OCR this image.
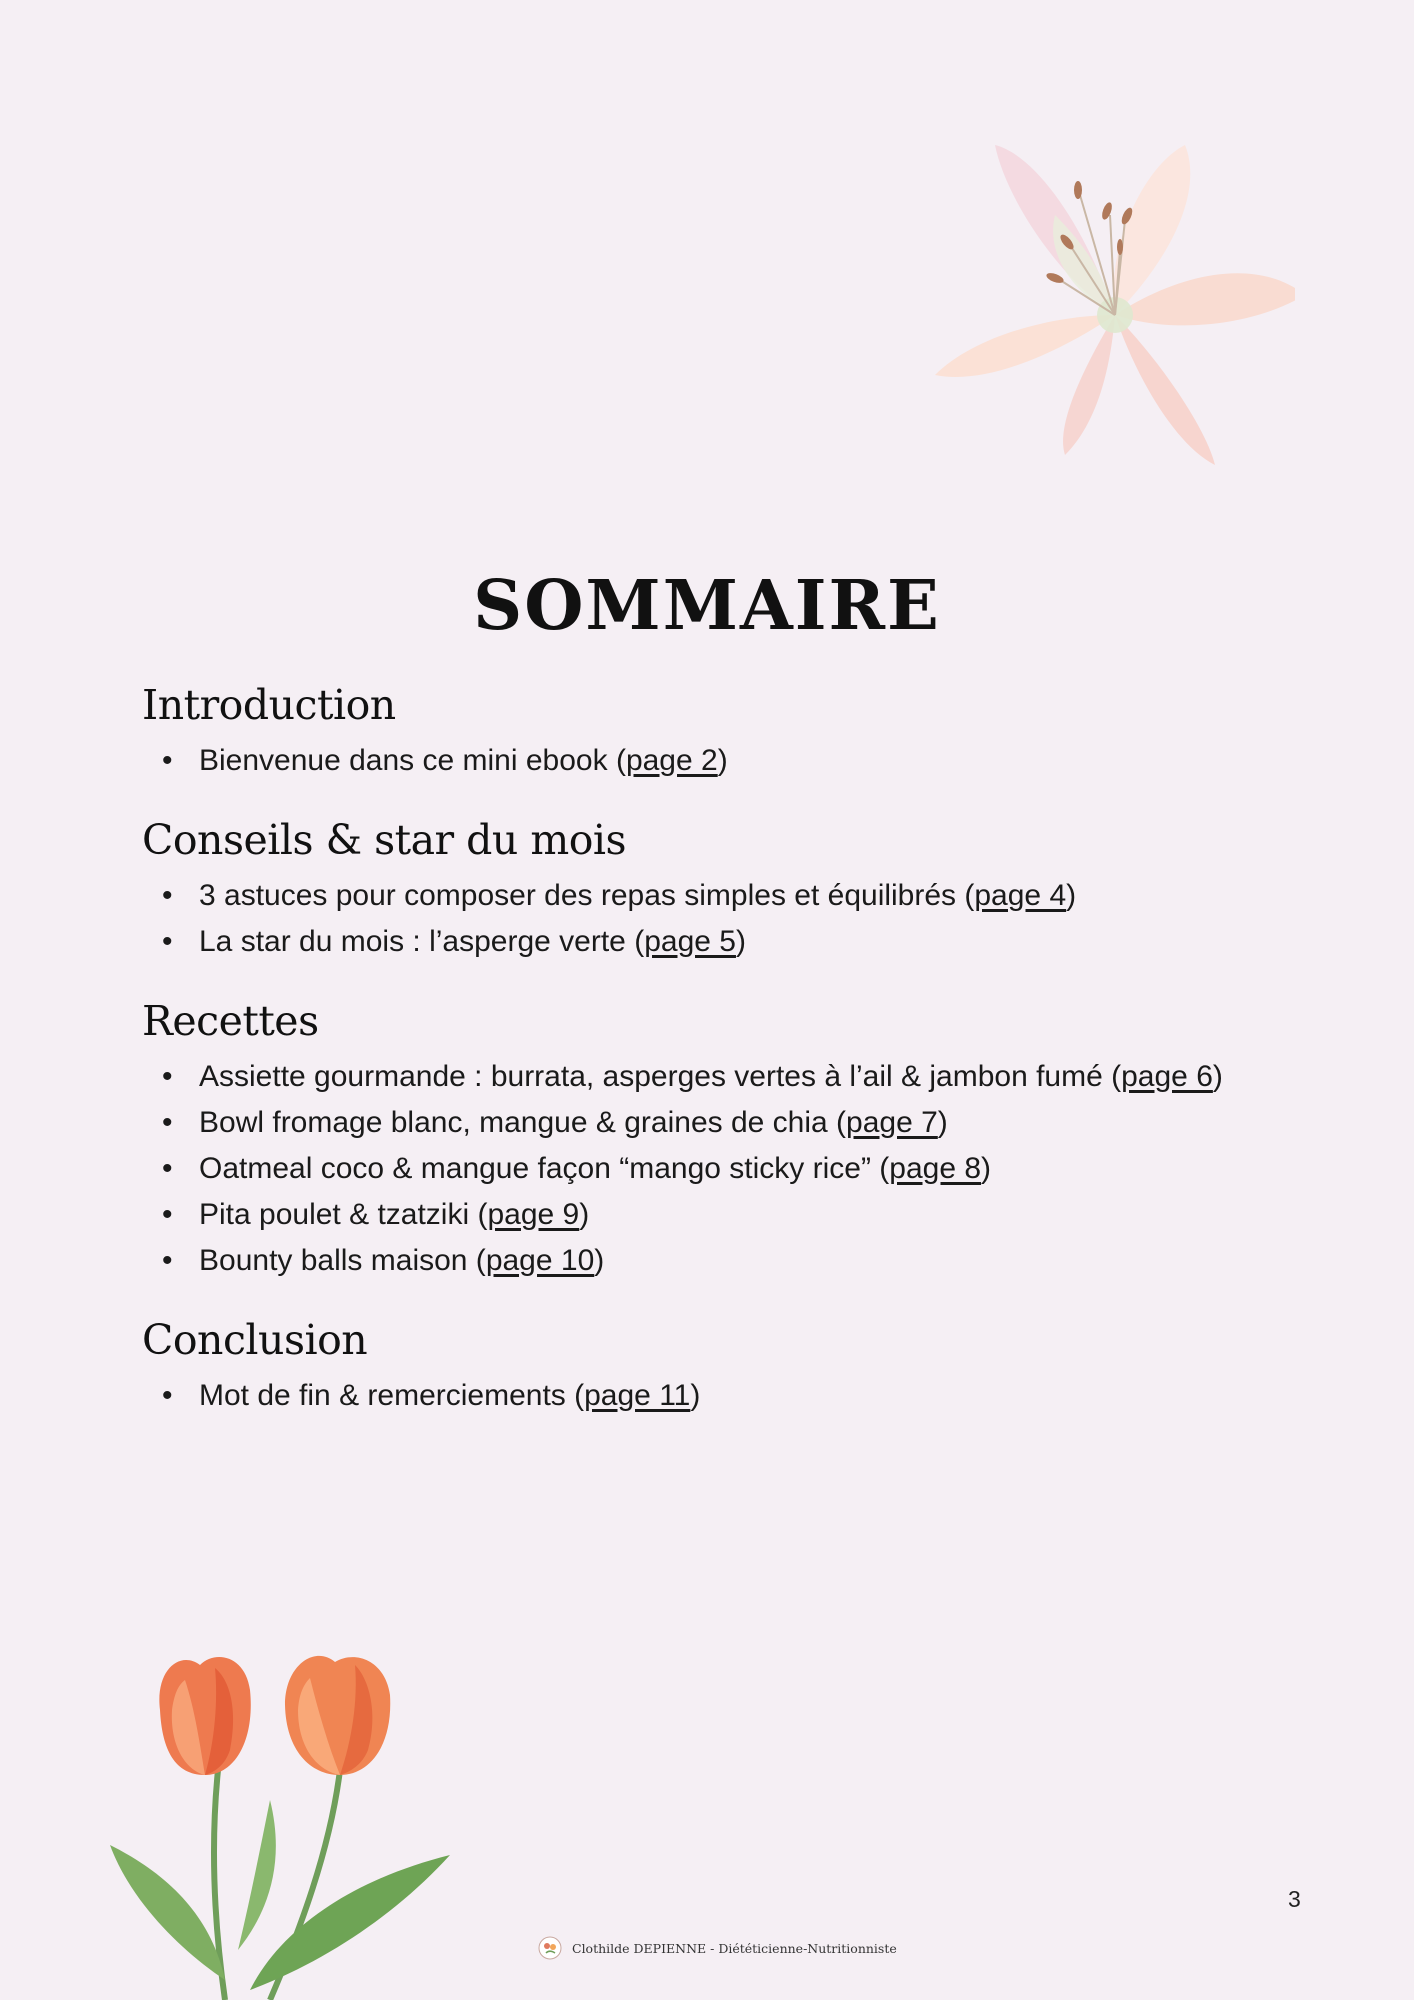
SOMMAIRE
Introduction
• Bienvenue dans ce mini ebook (page 2)
Conseils & star du mois
• 3 astuces pour composer des repas simples et équilibrés (page 4)
• La star du mois : l’asperge verte (page 5)
Recettes
• Assiette gourmande : burrata, asperges vertes à l’ail & jambon fumé (page 6)
• Bowl fromage blanc, mangue & graines de chia (page 7)
• Oatmeal coco & mangue façon “mango sticky rice” (page 8)
• Pita poulet & tzatziki (page 9)
• Bounty balls maison (page 10)
Conclusion
• Mot de fin & remerciements (page 11)
3
Clothilde DEPIENNE - Diététicienne-Nutritionniste
